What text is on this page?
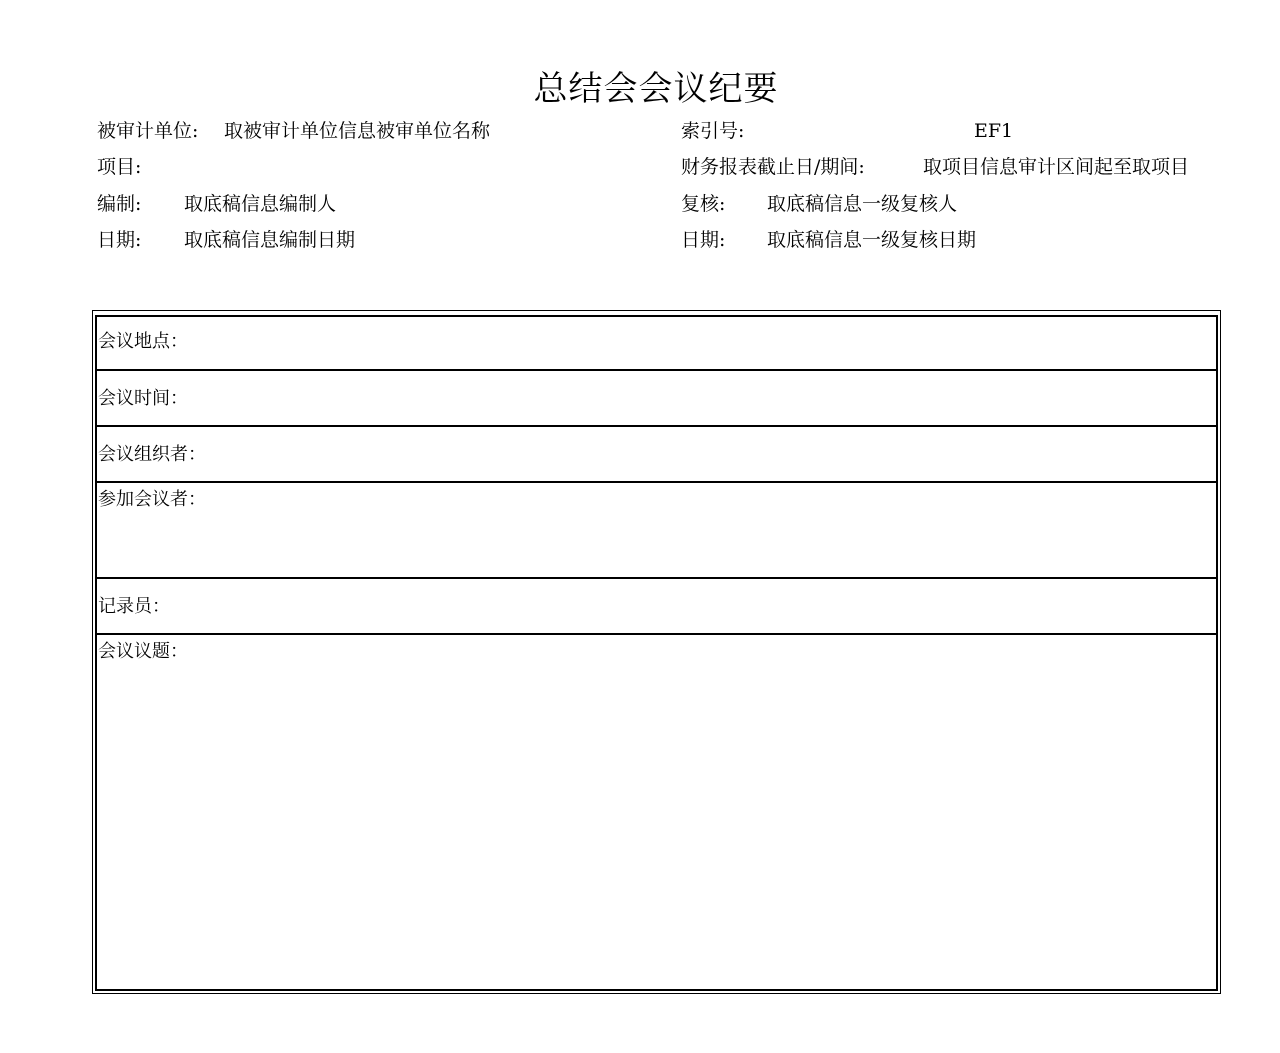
总结会会议纪要
被审计单位: 取被审计单位信息被审单位名称	索引号:	EF1
项目:	财务报表截止日/期间:	取项目信息审计区间起至取项目
编制: 取底稿信息编制人	复核: 取底稿信息一级复核人
日期: 取底稿信息编制日期	日期: 取底稿信息一级复核日期
会议地点：
会议时间：
会议组织者：
参加会议者：
记录员：
会议议题：
